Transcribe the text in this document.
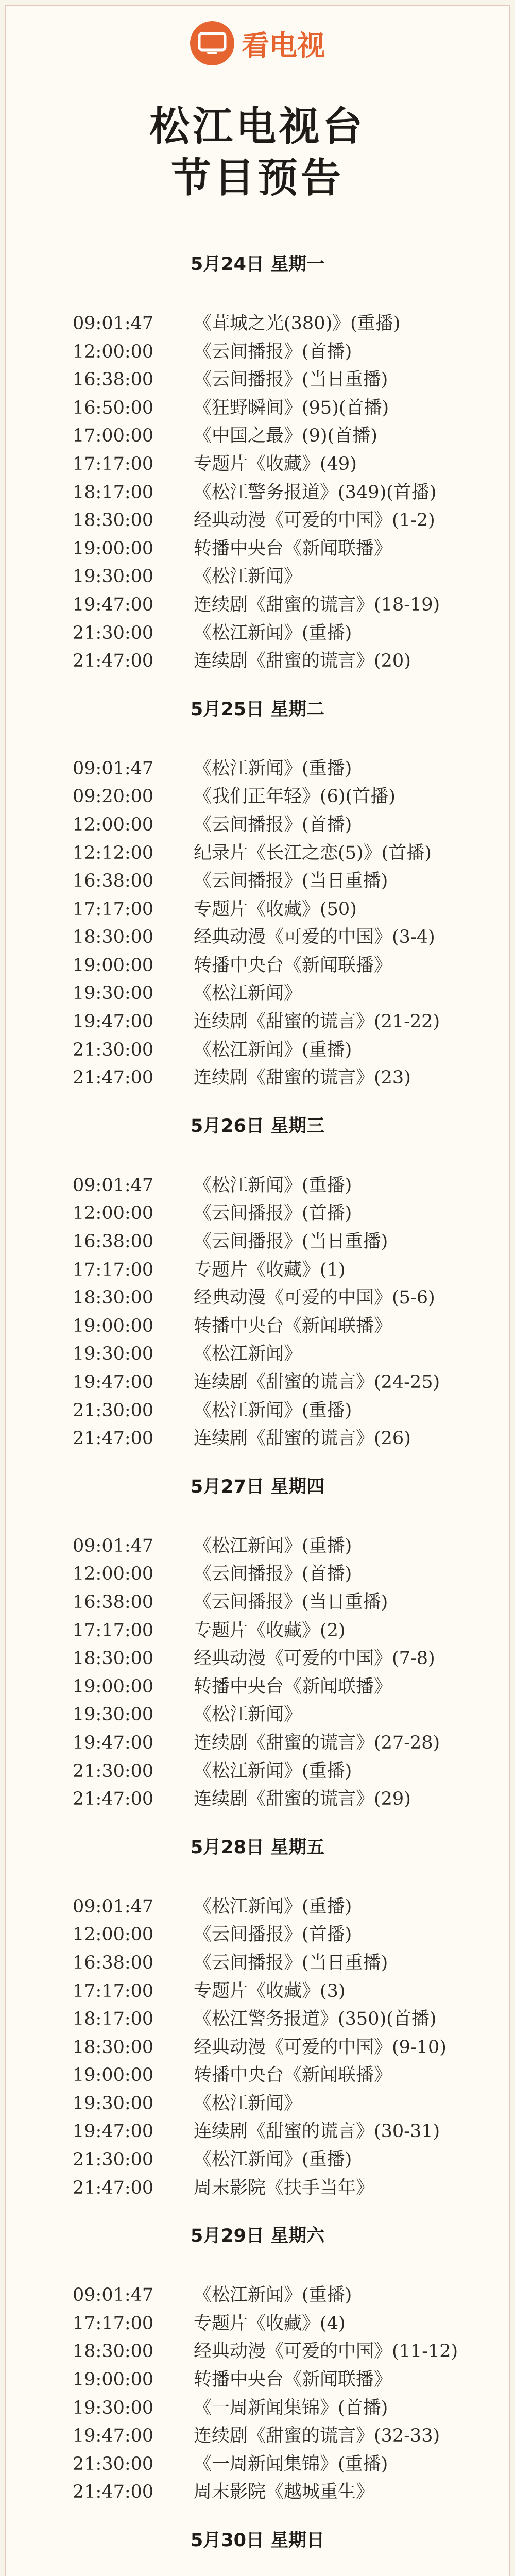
看电视
松江电视台
节目预告
5月24日 星期一
09:01:47	《茸城之光(380)》(重播)
12:00:00	《云间播报》(首播)
16:38:00	《云间播报》(当日重播)
16:50:00	《狂野瞬间》(95)(首播)
17:00:00	《中国之最》(9)(首播)
17:17:00	专题片《收藏》(49)
18:17:00	《松江警务报道》(349)(首播)
18:30:00	经典动漫《可爱的中国》(1-2)
19:00:00	转播中央台《新闻联播》
19:30:00	《松江新闻》
19:47:00	连续剧《甜蜜的谎言》(18-19)
21:30:00	《松江新闻》(重播)
21:47:00	连续剧《甜蜜的谎言》(20)
5月25日 星期二
09:01:47	《松江新闻》(重播)
09:20:00	《我们正年轻》(6)(首播)
12:00:00	《云间播报》(首播)
12:12:00	纪录片《长江之恋(5)》(首播)
16:38:00	《云间播报》(当日重播)
17:17:00	专题片《收藏》(50)
18:30:00	经典动漫《可爱的中国》(3-4)
19:00:00	转播中央台《新闻联播》
19:30:00	《松江新闻》
19:47:00	连续剧《甜蜜的谎言》(21-22)
21:30:00	《松江新闻》(重播)
21:47:00	连续剧《甜蜜的谎言》(23)
5月26日 星期三
09:01:47	《松江新闻》(重播)
12:00:00	《云间播报》(首播)
16:38:00	《云间播报》(当日重播)
17:17:00	专题片《收藏》(1)
18:30:00	经典动漫《可爱的中国》(5-6)
19:00:00	转播中央台《新闻联播》
19:30:00	《松江新闻》
19:47:00	连续剧《甜蜜的谎言》(24-25)
21:30:00	《松江新闻》(重播)
21:47:00	连续剧《甜蜜的谎言》(26)
5月27日 星期四
09:01:47	《松江新闻》(重播)
12:00:00	《云间播报》(首播)
16:38:00	《云间播报》(当日重播)
17:17:00	专题片《收藏》(2)
18:30:00	经典动漫《可爱的中国》(7-8)
19:00:00	转播中央台《新闻联播》
19:30:00	《松江新闻》
19:47:00	连续剧《甜蜜的谎言》(27-28)
21:30:00	《松江新闻》(重播)
21:47:00	连续剧《甜蜜的谎言》(29)
5月28日 星期五
09:01:47	《松江新闻》(重播)
12:00:00	《云间播报》(首播)
16:38:00	《云间播报》(当日重播)
17:17:00	专题片《收藏》(3)
18:17:00	《松江警务报道》(350)(首播)
18:30:00	经典动漫《可爱的中国》(9-10)
19:00:00	转播中央台《新闻联播》
19:30:00	《松江新闻》
19:47:00	连续剧《甜蜜的谎言》(30-31)
21:30:00	《松江新闻》(重播)
21:47:00	周末影院《扶手当年》
5月29日 星期六
09:01:47	《松江新闻》(重播)
17:17:00	专题片《收藏》(4)
18:30:00	经典动漫《可爱的中国》(11-12)
19:00:00	转播中央台《新闻联播》
19:30:00	《一周新闻集锦》(首播)
19:47:00	连续剧《甜蜜的谎言》(32-33)
21:30:00	《一周新闻集锦》(重播)
21:47:00	周末影院《越城重生》
5月30日 星期日
